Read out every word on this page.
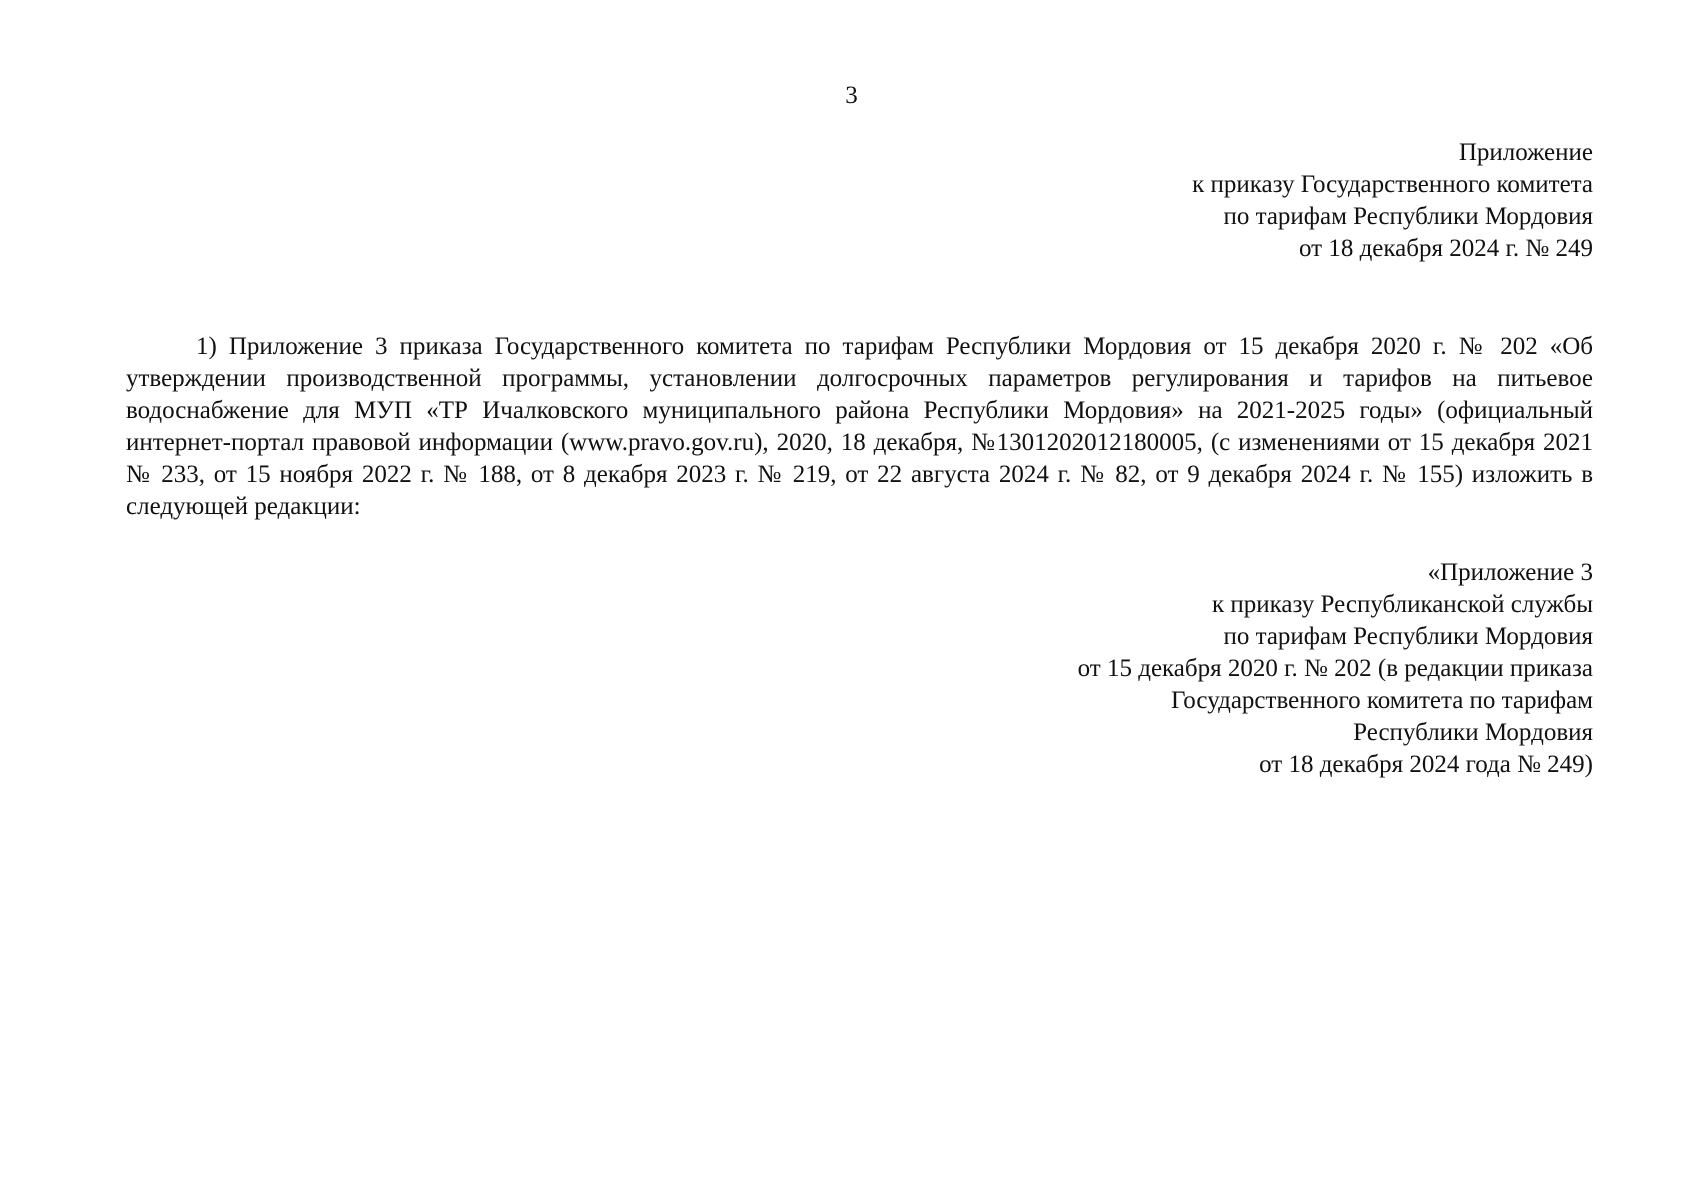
3
Приложение
к приказу Государственного комитета
по тарифам Республики Мордовия
от 18 декабря 2024 г. № 249

1) Приложение 3 приказа Государственного комитета по тарифам Республики Мордовия от 15 декабря 2020 г. № 202 «Об утверждении производственной программы, установлении долгосрочных параметров регулирования и тарифов на питьевое водоснабжение для МУП «ТР Ичалковского муниципального района Республики Мордовия» на 2021-2025 годы» (официальный интернет-портал правовой информации (www.pravo.gov.ru), 2020, 18 декабря, №1301202012180005, (с изменениями от 15 декабря 2021 № 233, от 15 ноября 2022 г. № 188, от 8 декабря 2023 г. № 219, от 22 августа 2024 г. № 82, от 9 декабря 2024 г. № 155) изложить в следующей редакции:

«Приложение 3
к приказу Республиканской службы
по тарифам Республики Мордовия
от 15 декабря 2020 г. № 202 (в редакции приказа
Государственного комитета по тарифам
Республики Мордовия
от 18 декабря 2024 года № 249)
